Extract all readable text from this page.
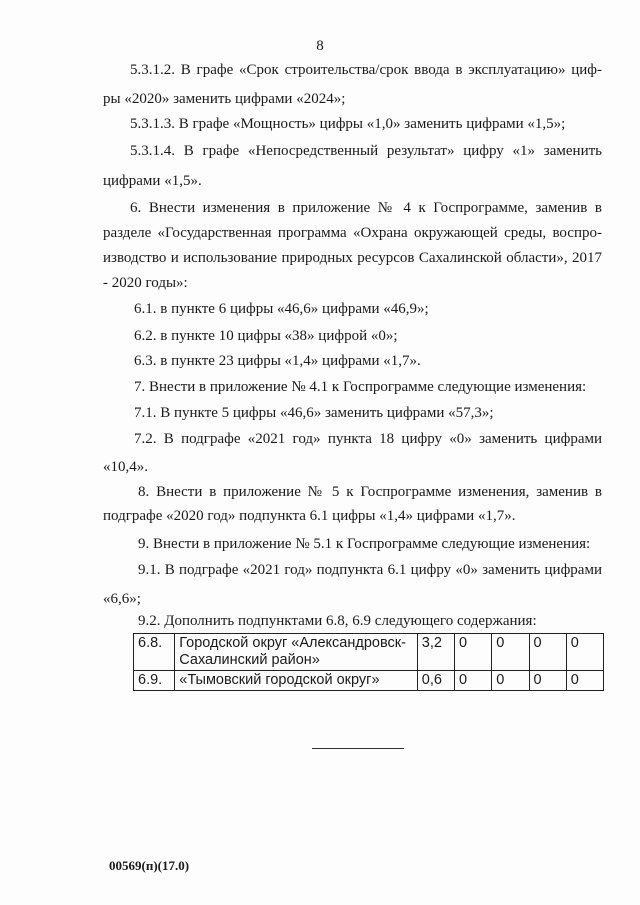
8
5.3.1.2. В графе «Срок строительства/срок ввода в эксплуатацию» циф-
ры «2020» заменить цифрами «2024»;
5.3.1.3. В графе «Мощность» цифры «1,0» заменить цифрами «1,5»;
5.3.1.4. В графе «Непосредственный результат» цифру «1» заменить
цифрами «1,5».
6. Внести изменения в приложение № 4 к Госпрограмме, заменив в
разделе «Государственная программа «Охрана окружающей среды, воспро-
изводство и использование природных ресурсов Сахалинской области», 2017
- 2020 годы»:
6.1. в пункте 6 цифры «46,6» цифрами «46,9»;
6.2. в пункте 10 цифры «38» цифрой «0»;
6.3. в пункте 23 цифры «1,4» цифрами «1,7».
7. Внести в приложение № 4.1 к Госпрограмме следующие изменения:
7.1. В пункте 5 цифры «46,6» заменить цифрами «57,3»;
7.2. В подграфе «2021 год» пункта 18 цифру «0» заменить цифрами
«10,4».
8. Внести в приложение № 5 к Госпрограмме изменения, заменив в
подграфе «2020 год» подпункта 6.1 цифры «1,4» цифрами «1,7».
9. Внести в приложение № 5.1 к Госпрограмме следующие изменения:
9.1. В подграфе «2021 год» подпункта 6.1 цифру «0» заменить цифрами
«6,6»;
9.2. Дополнить подпунктами 6.8, 6.9 следующего содержания:
6.8.	Городской округ «Александровск-Сахалинский район»	3,2	0	0	0	0
6.9.	«Тымовский городской округ»	0,6	0	0	0	0
00569(п)(17.0)
